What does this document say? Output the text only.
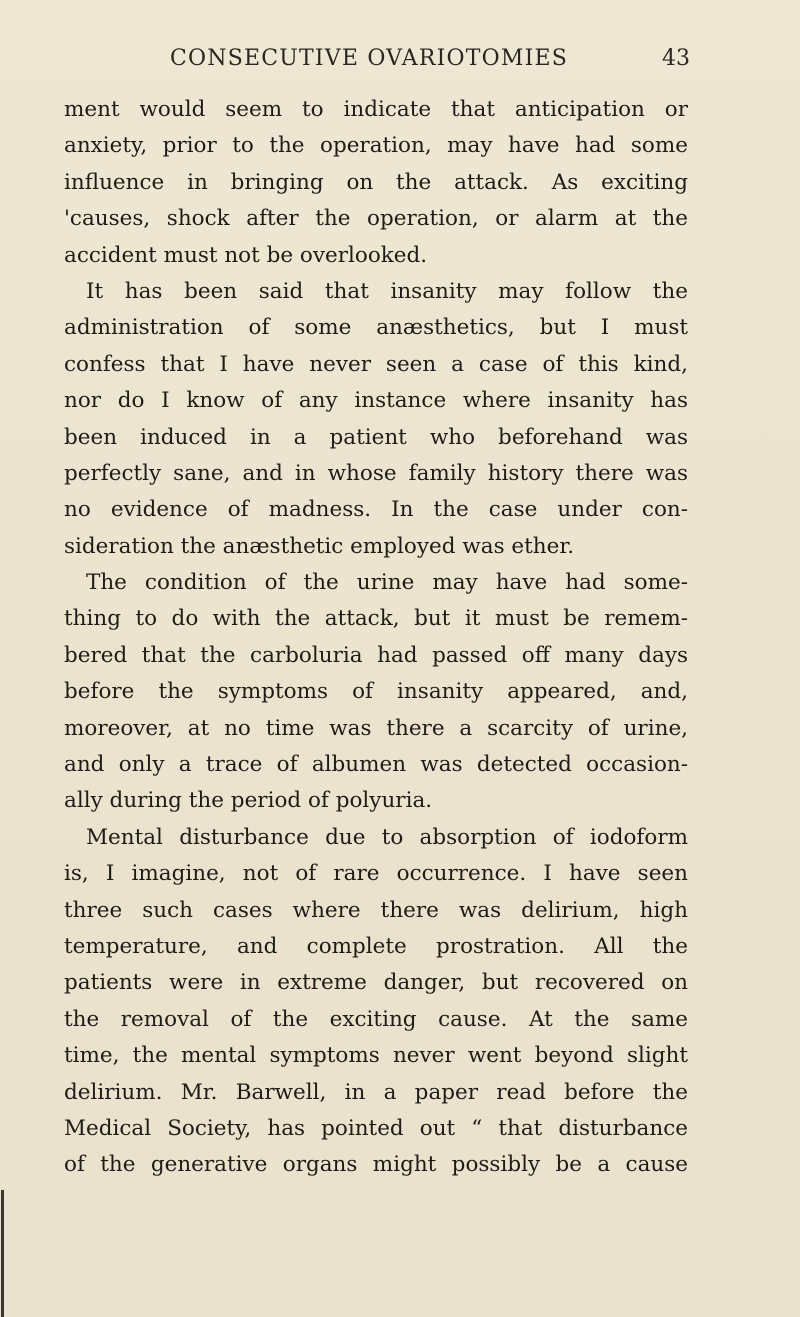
CONSECUTIVE OVARIOTOMIES	43
ment would seem to indicate that anticipation or
anxiety, prior to the operation, may have had some
influence in bringing on the attack. As exciting
'causes, shock after the operation, or alarm at the
accident must not be overlooked.
It has been said that insanity may follow the
administration of some anæsthetics, but I must
confess that I have never seen a case of this kind,
nor do I know of any instance where insanity has
been induced in a patient who beforehand was
perfectly sane, and in whose family history there was
no evidence of madness. In the case under con-
sideration the anæsthetic employed was ether.
The condition of the urine may have had some-
thing to do with the attack, but it must be remem-
bered that the carboluria had passed off many days
before the symptoms of insanity appeared, and,
moreover, at no time was there a scarcity of urine,
and only a trace of albumen was detected occasion-
ally during the period of polyuria.
Mental disturbance due to absorption of iodoform
is, I imagine, not of rare occurrence. I have seen
three such cases where there was delirium, high
temperature, and complete prostration. All the
patients were in extreme danger, but recovered on
the removal of the exciting cause. At the same
time, the mental symptoms never went beyond slight
delirium. Mr. Barwell, in a paper read before the
Medical Society, has pointed out “ that disturbance
of the generative organs might possibly be a cause
